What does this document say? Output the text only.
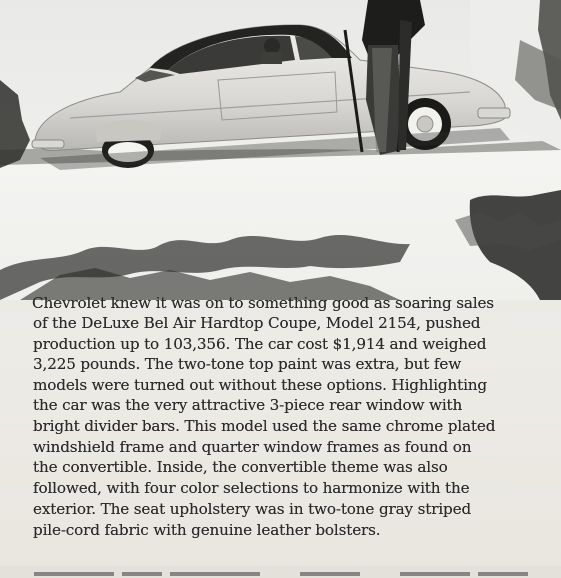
Chevrolet knew it was on to something good as soaring sales
of the DeLuxe Bel Air Hardtop Coupe, Model 2154, pushed
production up to 103,356. The car cost $1,914 and weighed
3,225 pounds. The two-tone top paint was extra, but few
models were turned out without these options. Highlighting
the car was the very attractive 3-piece rear window with
bright divider bars. This model used the same chrome plated
windshield frame and quarter window frames as found on
the convertible. Inside, the convertible theme was also
followed, with four color selections to harmonize with the
exterior. The seat upholstery was in two-tone gray striped
pile-cord fabric with genuine leather bolsters.
